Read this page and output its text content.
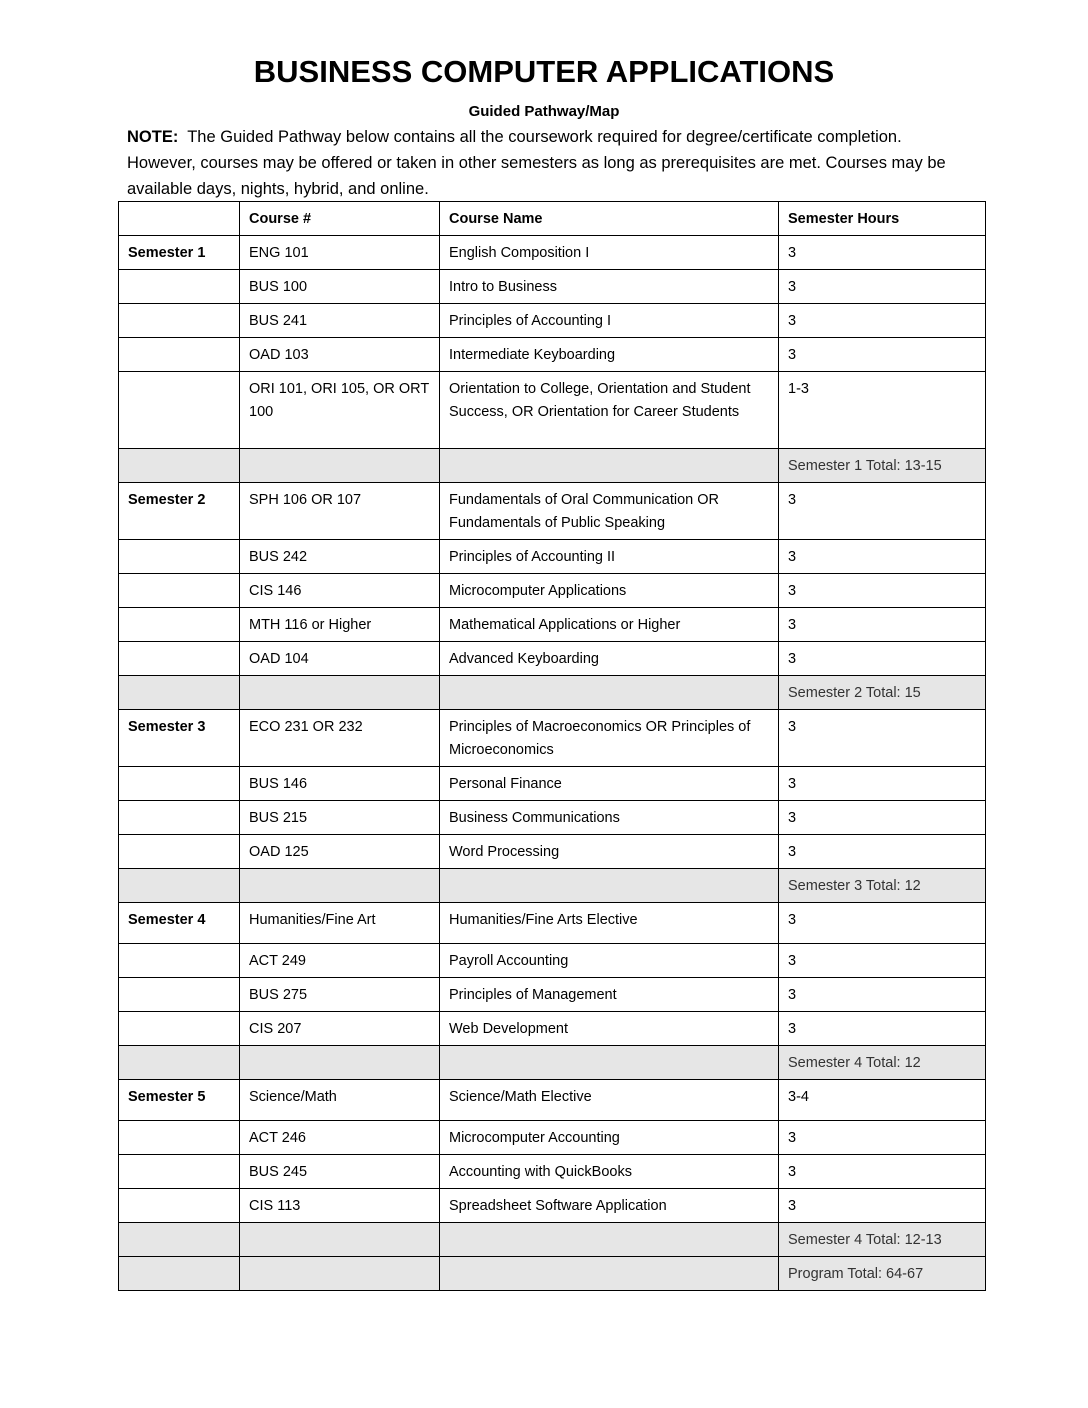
BUSINESS COMPUTER APPLICATIONS
Guided Pathway/Map
NOTE: The Guided Pathway below contains all the coursework required for degree/certificate completion. However, courses may be offered or taken in other semesters as long as prerequisites are met. Courses may be available days, nights, hybrid, and online.
	Course #	Course Name	Semester Hours
Semester 1	ENG 101	English Composition I	3
	BUS 100	Intro to Business	3
	BUS 241	Principles of Accounting I	3
	OAD 103	Intermediate Keyboarding	3
	ORI 101, ORI 105, OR ORT 100	Orientation to College, Orientation and Student Success, OR Orientation for Career Students	1-3
			Semester 1 Total: 13-15
Semester 2	SPH 106 OR 107	Fundamentals of Oral Communication OR Fundamentals of Public Speaking	3
	BUS 242	Principles of Accounting II	3
	CIS 146	Microcomputer Applications	3
	MTH 116 or Higher	Mathematical Applications or Higher	3
	OAD 104	Advanced Keyboarding	3
			Semester 2 Total: 15
Semester 3	ECO 231 OR 232	Principles of Macroeconomics OR Principles of Microeconomics	3
	BUS 146	Personal Finance	3
	BUS 215	Business Communications	3
	OAD 125	Word Processing	3
			Semester 3 Total: 12
Semester 4	Humanities/Fine Art	Humanities/Fine Arts Elective	3
	ACT 249	Payroll Accounting	3
	BUS 275	Principles of Management	3
	CIS 207	Web Development	3
			Semester 4 Total: 12
Semester 5	Science/Math	Science/Math Elective	3-4
	ACT 246	Microcomputer Accounting	3
	BUS 245	Accounting with QuickBooks	3
	CIS 113	Spreadsheet Software Application	3
			Semester 4 Total: 12-13
			Program Total: 64-67
